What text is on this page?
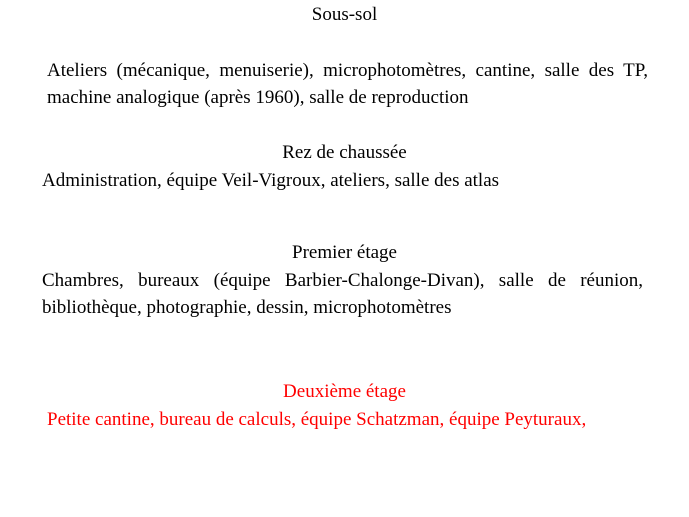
Sous-sol
Ateliers (mécanique, menuiserie), microphotomètres, cantine, salle des TP, machine analogique (après 1960), salle de reproduction
Rez de chaussée
Administration, équipe Veil-Vigroux, ateliers, salle des atlas
Premier étage
Chambres, bureaux (équipe Barbier-Chalonge-Divan), salle de réunion, bibliothèque, photographie, dessin, microphotomètres
Deuxième étage
Petite cantine, bureau de calculs, équipe Schatzman, équipe Peyturaux,
